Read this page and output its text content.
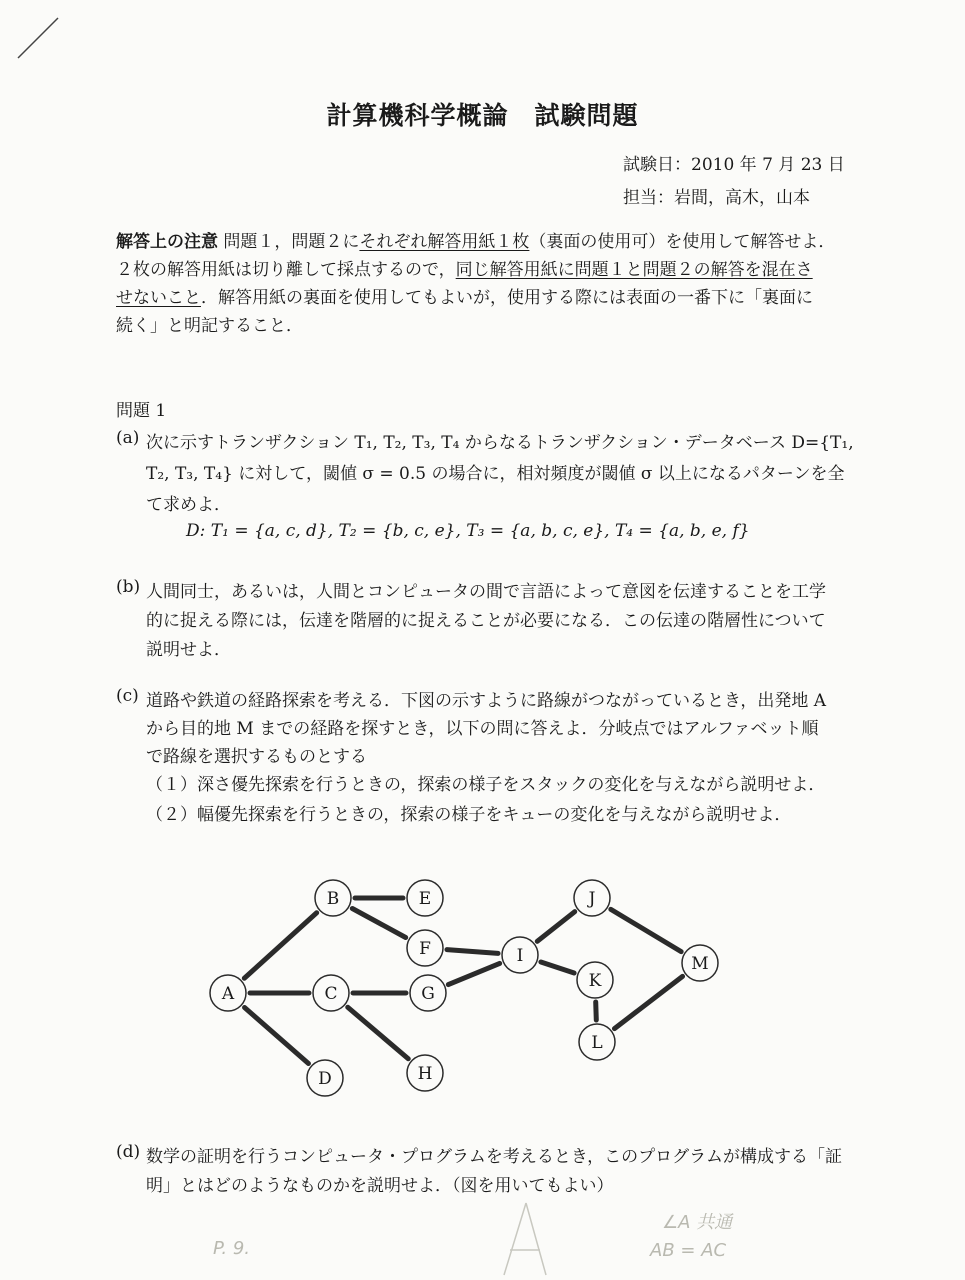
計算機科学概論　試験問題
試験日：2010 年 7 月 23 日
担当：岩間，高木，山本
解答上の注意 問題１，問題２にそれぞれ解答用紙１枚（裏面の使用可）を使用して解答せよ．
２枚の解答用紙は切り離して採点するので，同じ解答用紙に問題１と問題２の解答を混在さ
せないこと．解答用紙の裏面を使用してもよいが，使用する際には表面の一番下に「裏面に
続く」と明記すること．
問題 1
(a) 次に示すトランザクション T₁, T₂, T₃, T₄ からなるトランザクション・データベース D={T₁,
T₂, T₃, T₄} に対して，閾値 σ = 0.5 の場合に，相対頻度が閾値 σ 以上になるパターンを全
て求めよ．
D: T₁ = {a, c, d}, T₂ = {b, c, e}, T₃ = {a, b, c, e}, T₄ = {a, b, e, f}
(b) 人間同士，あるいは，人間とコンピュータの間で言語によって意図を伝達することを工学
的に捉える際には，伝達を階層的に捉えることが必要になる．この伝達の階層性について
説明せよ．
(c) 道路や鉄道の経路探索を考える．下図の示すように路線がつながっているとき，出発地 A
から目的地 M までの経路を探すとき，以下の問に答えよ．分岐点ではアルファベット順
で路線を選択するものとする
（１）深さ優先探索を行うときの，探索の様子をスタックの変化を与えながら説明せよ．
（２）幅優先探索を行うときの，探索の様子をキューの変化を与えながら説明せよ．
A
B
C
D
E
F
G
H
I
J
K
L
M
(d) 数学の証明を行うコンピュータ・プログラムを考えるとき，このプログラムが構成する「証
明」とはどのようなものかを説明せよ．（図を用いてもよい）
P. 9.
∠A 共通
AB = AC
